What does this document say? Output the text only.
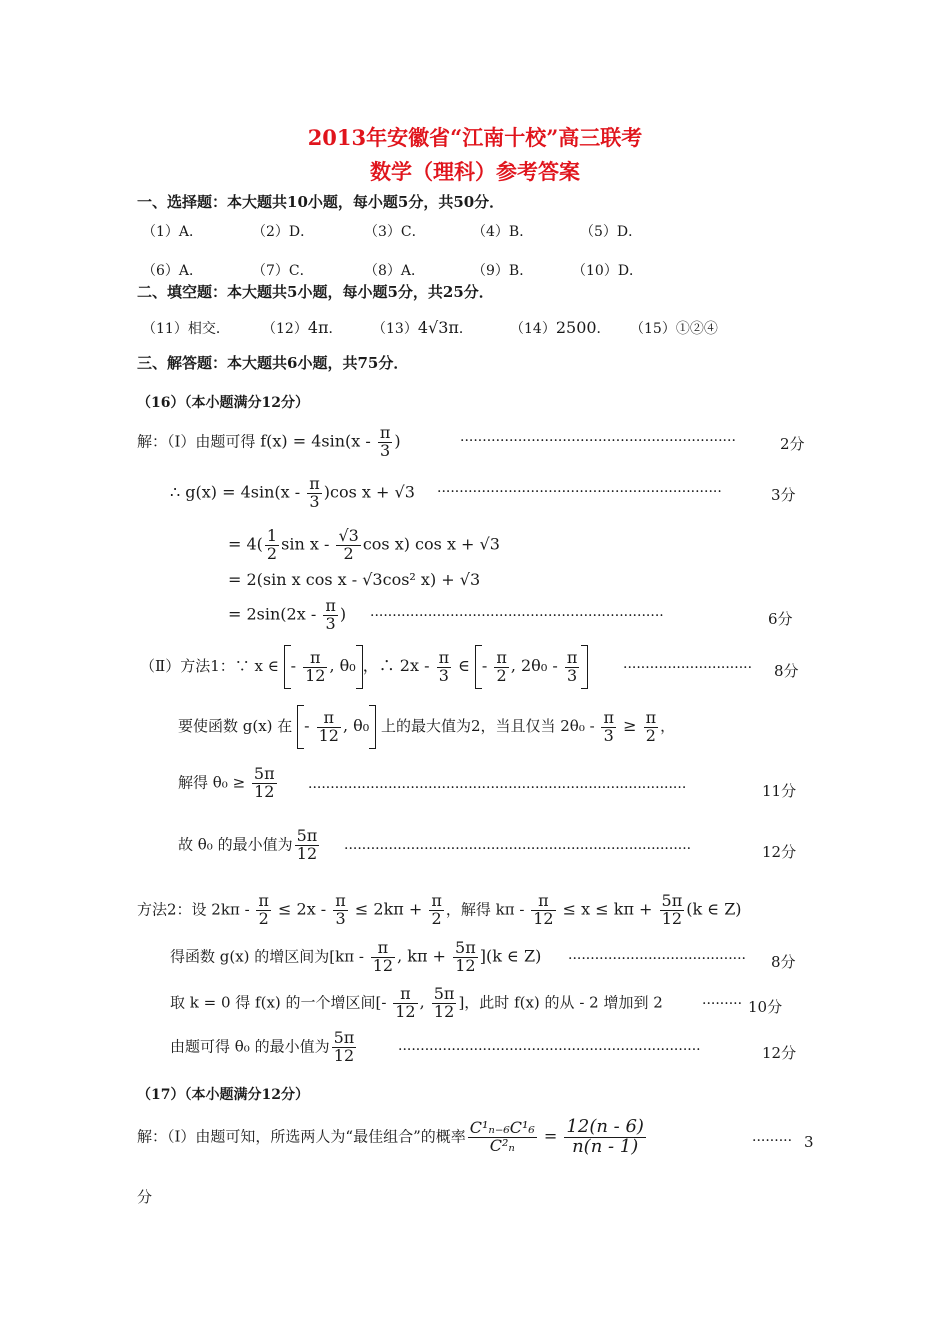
2013年安徽省“江南十校”高三联考
数学（理科）参考答案
一、选择题：本大题共10小题，每小题5分，共50分．
（1）A．	（2）D．	（3）C．	（4）B．	（5）D．
（6）A．	（7）C．	（8）A．	（9）B．	（10）D．
二、填空题：本大题共5小题，每小题5分，共25分．
（11）相交． （12）4π． （13）4√3π．	（14）2500． （15）①②④
三、解答题：本大题共6小题，共75分．
（16）（本小题满分12分）
解：（Ⅰ）由题可得 $f(x) = 4\sin(x - \frac{\pi}{3}$ )	······························································	2分
∴ $g(x) = 4\sin(x - \frac{\pi}{3} )\cos$ x + √3 ································································	3分
= $4( \frac{1}{2}$ sin x - $\frac{√3}{2}$ cos x) cos x + √3
= 2(sin x cos x - √3cos² x) + √3
= $2\sin(2x - \frac{\pi}{3}$ ) ··································································	6分
（Ⅱ）方法1：∵ x ∈ - $\frac{\pi}{12}$ , θ₀ ，∴ $2x - \frac{\pi}{3}$ ∈ - $\frac{\pi}{2}$ , $2\theta_0 - \frac{\pi}{3}$	····························· 8分
要使函数 g(x) 在 - $\frac{\pi}{12}$ , θ₀ 上的最大值为2，当且仅当 $2\theta_0 - \frac{\pi}{3} \ge \frac{\pi}{2}$ ，
解得 $\theta_0 \ge \frac{5\pi}{12}$ ·····················································································	11分
故 θ₀ 的最小值为 $\frac{5\pi}{12}$ ··············································································	12分
方法2：设 $2k\pi - \frac{\pi}{2} \le 2x - \frac{\pi}{3} \le 2k\pi + \frac{\pi}{2}$ ，解得 $k\pi - \frac{\pi}{12} \le x \le k\pi + \frac{5\pi}{12} (k$ ∈ Z)
得函数 g(x) 的增区间为[$k\pi - \frac{\pi}{12}$ , $k\pi + \frac{5\pi}{12} ](k$ ∈ Z) ········································ 8分
取 k = 0 得 f(x) 的一个增区间[- $\frac{\pi}{12}$ , $\frac{5\pi}{12}$ ]，此时 f(x) 的从 - 2 增加到 2	········· 10分
由题可得 θ₀ 的最小值为 $\frac{5\pi}{12}$	····································································	12分
（17）（本小题满分12分）
解：（Ⅰ）由题可知，所选两人为“最佳组合”的概率 $\frac{\text{C¹ₙ₋₆C¹₆}}{\text{C²ₙ}} = \frac{12(n - 6)}{n(n - 1)}$	········· 3
分
